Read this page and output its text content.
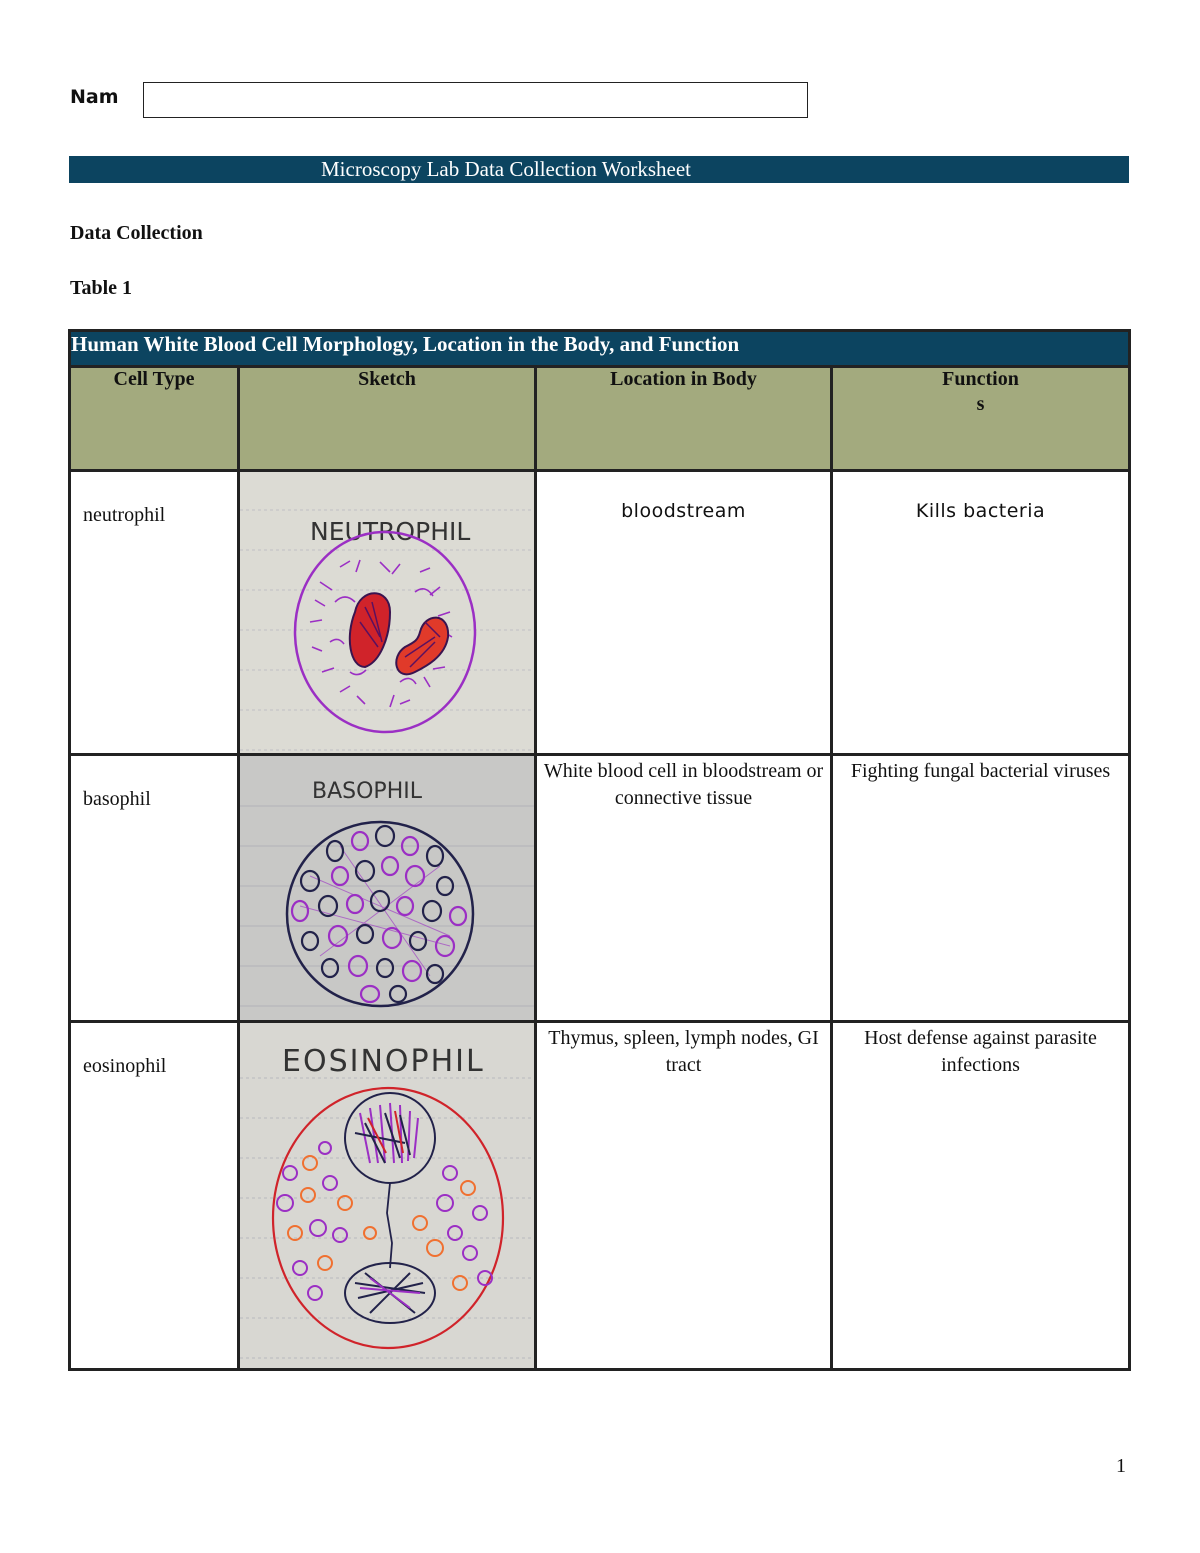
Nam
Microscopy Lab Data Collection Worksheet
Data Collection
Table 1
Human White Blood Cell Morphology, Location in the Body, and Function			
Cell Type	Sketch	Location in Body	Function
s

neutrophil	NEUTROPHIL	bloodstream	Kills bacteria
basophil	BASOPHIL	White blood cell in bloodstream or connective tissue	Fighting fungal bacterial viruses
eosinophil	EOSINOPHIL	Thymus, spleen, lymph nodes, GI tract	Host defense against parasite infections
1
